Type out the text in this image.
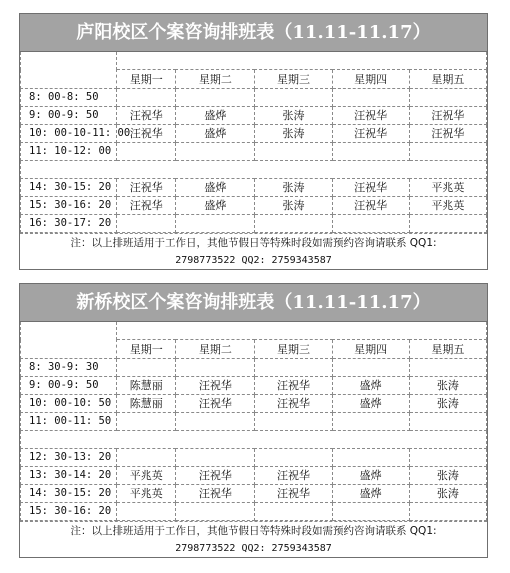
庐阳校区个案咨询排班表（11.11-11.17）

	星期一	星期二	星期三	星期四	星期五
8: 00-8: 50					
9: 00-9: 50	汪祝华	盛烨	张涛	汪祝华	汪祝华
10: 00-10-11: 00	汪祝华	盛烨	张涛	汪祝华	汪祝华
11: 10-12: 00					

14: 30-15: 20	汪祝华	盛烨	张涛	汪祝华	平兆英
15: 30-16: 20	汪祝华	盛烨	张涛	汪祝华	平兆英
16: 30-17: 20					
注：以上排班适用于工作日，其他节假日等特殊时段如需预约咨询请联系 QQ1:
2798773522 QQ2: 2759343587
新桥校区个案咨询排班表（11.11-11.17）

	星期一	星期二	星期三	星期四	星期五
8: 30-9: 30					
9: 00-9: 50	陈慧丽	汪祝华	汪祝华	盛烨	张涛
10: 00-10: 50	陈慧丽	汪祝华	汪祝华	盛烨	张涛
11: 00-11: 50					

12: 30-13: 20					
13: 30-14: 20	平兆英	汪祝华	汪祝华	盛烨	张涛
14: 30-15: 20	平兆英	汪祝华	汪祝华	盛烨	张涛
15: 30-16: 20					
注：以上排班适用于工作日，其他节假日等特殊时段如需预约咨询请联系 QQ1:
2798773522 QQ2: 2759343587
